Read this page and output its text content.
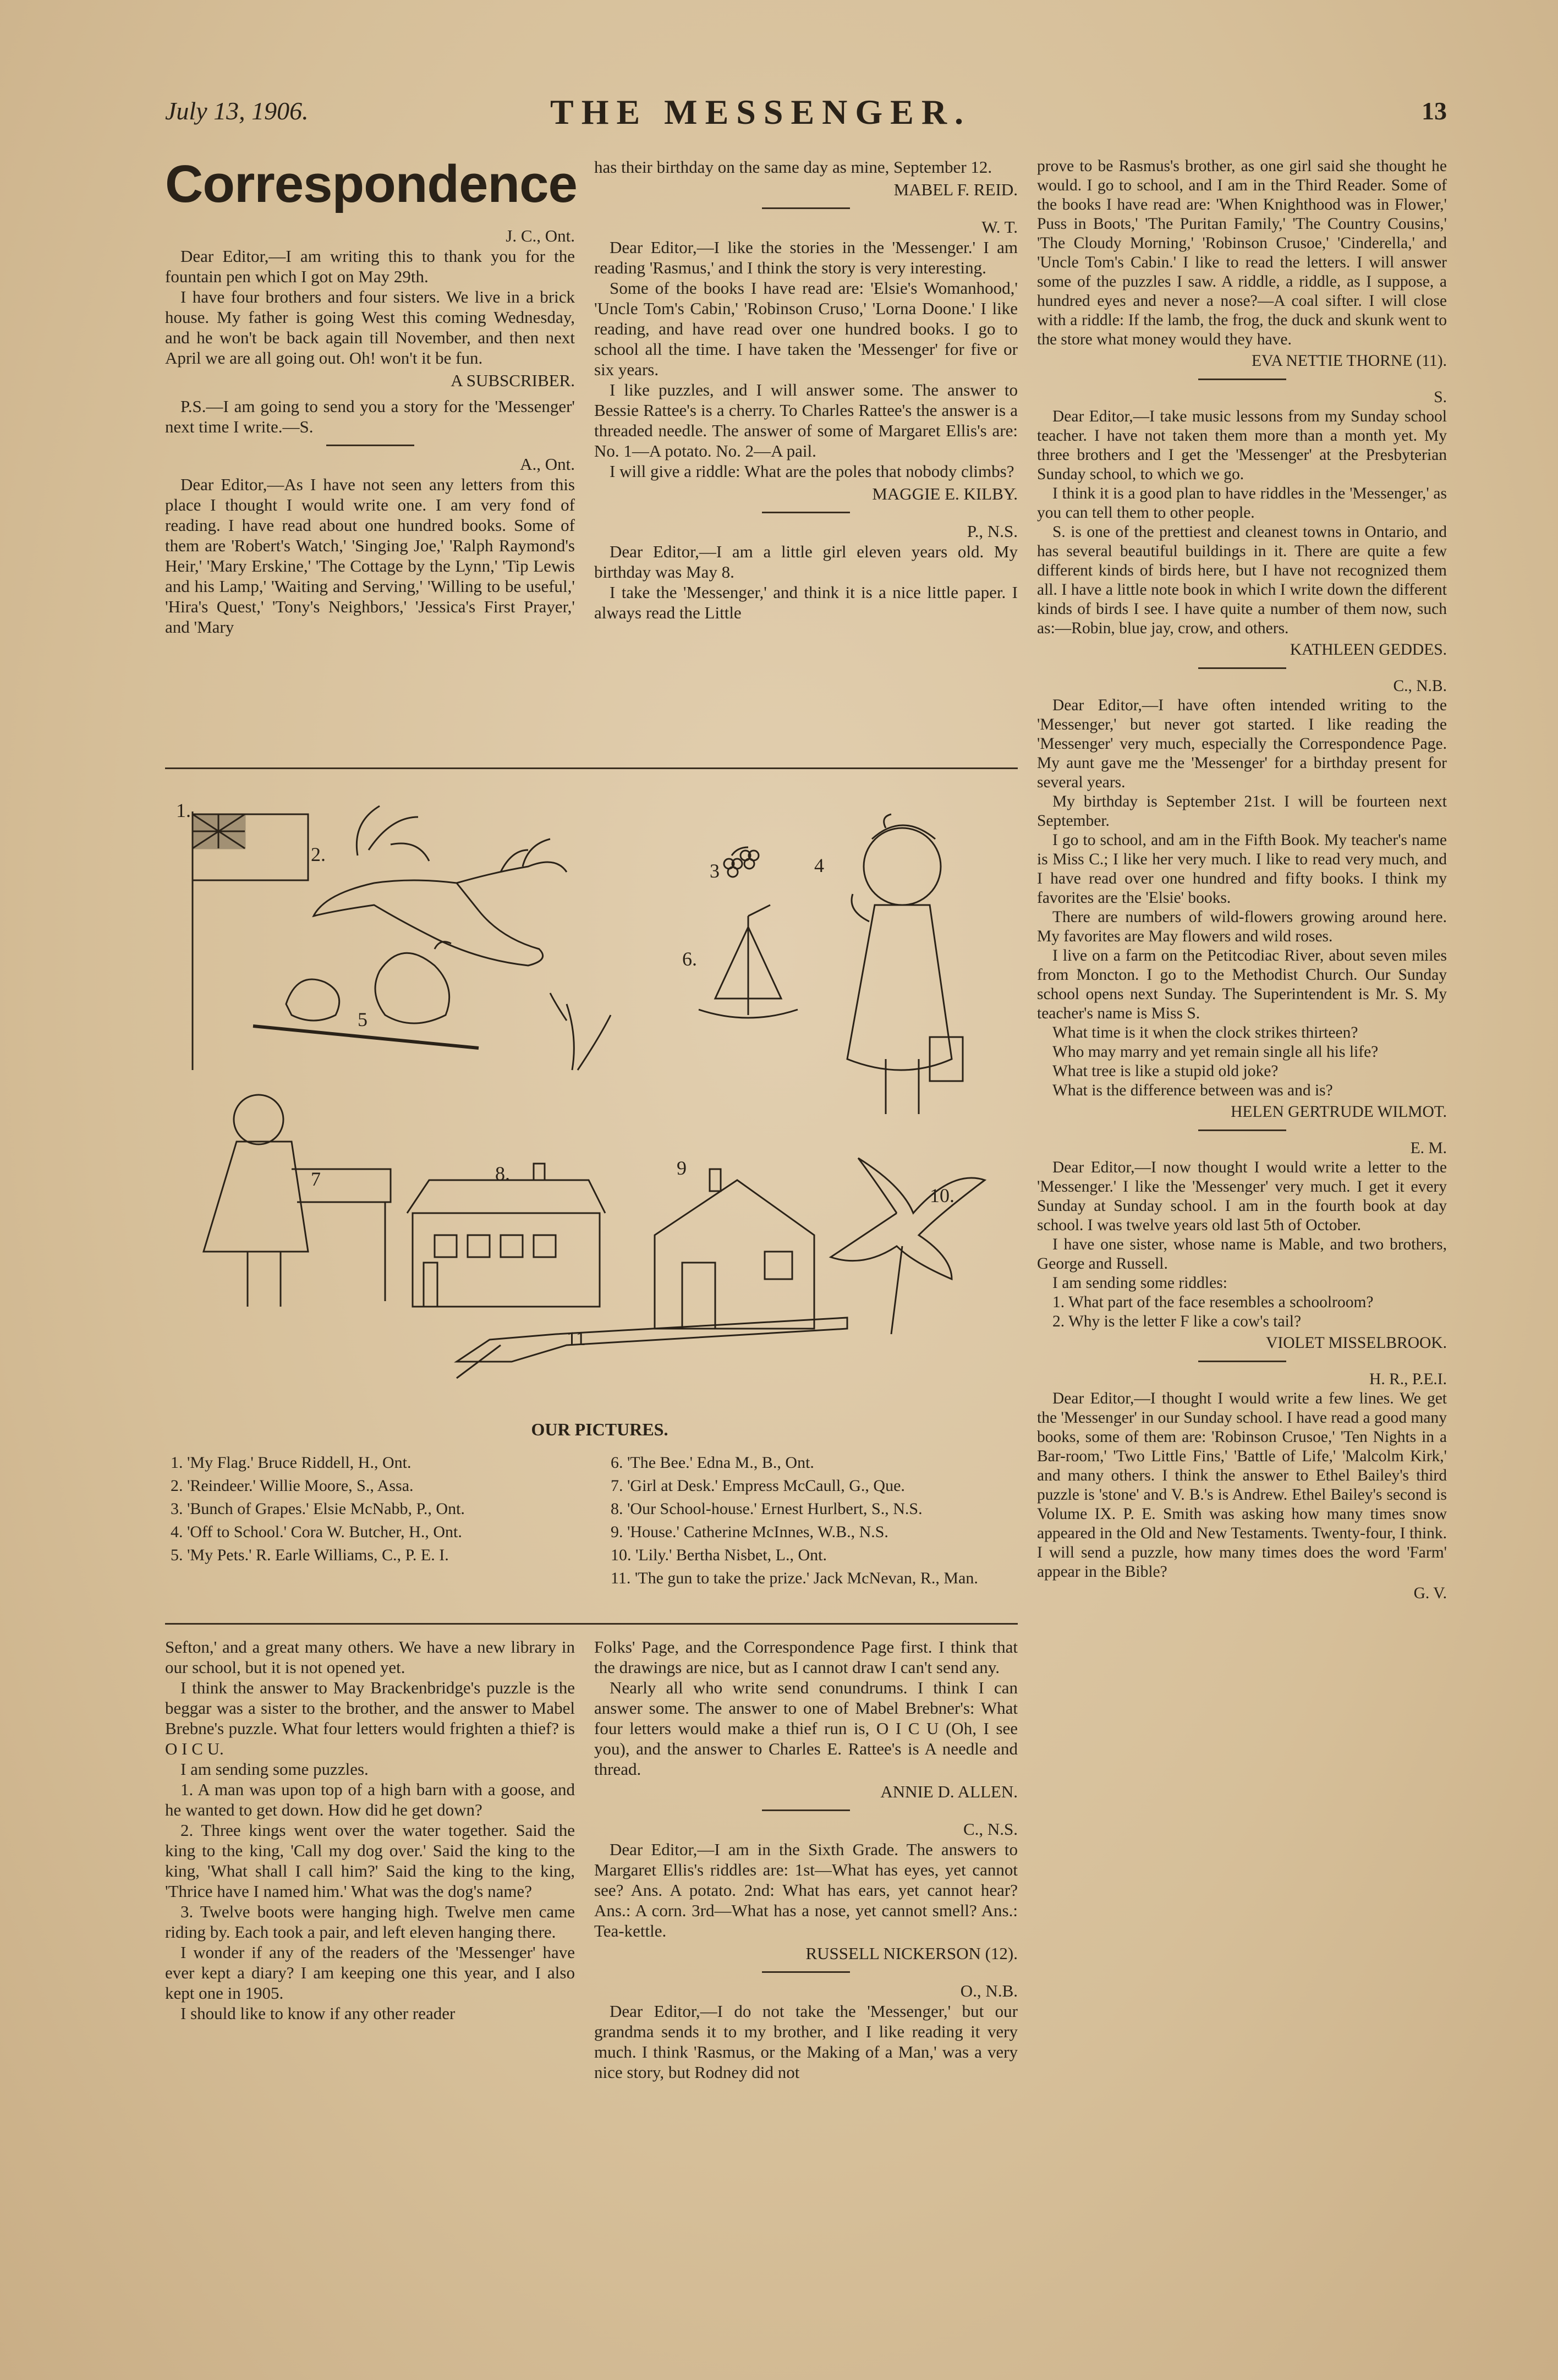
July 13, 1906.	THE MESSENGER.	13
Correspondence

J. C., Ont.

Dear Editor,—I am writing this to thank you for the fountain pen which I got on May 29th.

I have four brothers and four sisters. We live in a brick house. My father is going West this coming Wednesday, and he won't be back again till November, and then next April we are all going out. Oh! won't it be fun.

A SUBSCRIBER.

P.S.—I am going to send you a story for the 'Messenger' next time I write.—S.

A., Ont.

Dear Editor,—As I have not seen any letters from this place I thought I would write one. I am very fond of reading. I have read about one hundred books. Some of them are 'Robert's Watch,' 'Singing Joe,' 'Ralph Raymond's Heir,' 'Mary Erskine,' 'The Cottage by the Lynn,' 'Tip Lewis and his Lamp,' 'Waiting and Serving,' 'Willing to be useful,' 'Hira's Quest,' 'Tony's Neighbors,' 'Jessica's First Prayer,' and 'Mary

has their birthday on the same day as mine, September 12.

MABEL F. REID.

W. T.

Dear Editor,—I like the stories in the 'Messenger.' I am reading 'Rasmus,' and I think the story is very interesting.

Some of the books I have read are: 'Elsie's Womanhood,' 'Uncle Tom's Cabin,' 'Robinson Cruso,' 'Lorna Doone.' I like reading, and have read over one hundred books. I go to school all the time. I have taken the 'Messenger' for five or six years.

I like puzzles, and I will answer some. The answer to Bessie Rattee's is a cherry. To Charles Rattee's the answer is a threaded needle. The answer of some of Margaret Ellis's are: No. 1—A potato. No. 2—A pail.

I will give a riddle: What are the poles that nobody climbs?

MAGGIE E. KILBY.

P., N.S.

Dear Editor,—I am a little girl eleven years old. My birthday was May 8.

I take the 'Messenger,' and think it is a nice little paper. I always read the Little

prove to be Rasmus's brother, as one girl said she thought he would. I go to school, and I am in the Third Reader. Some of the books I have read are: 'When Knighthood was in Flower,' Puss in Boots,' 'The Puritan Family,' 'The Country Cousins,' 'The Cloudy Morning,' 'Robinson Crusoe,' 'Cinderella,' and 'Uncle Tom's Cabin.' I like to read the letters. I will answer some of the puzzles I saw. A riddle, a riddle, as I suppose, a hundred eyes and never a nose?—A coal sifter. I will close with a riddle: If the lamb, the frog, the duck and skunk went to the store what money would they have.

EVA NETTIE THORNE (11).

S.

Dear Editor,—I take music lessons from my Sunday school teacher. I have not taken them more than a month yet. My three brothers and I get the 'Messenger' at the Presbyterian Sunday school, to which we go.

I think it is a good plan to have riddles in the 'Messenger,' as you can tell them to other people.

S. is one of the prettiest and cleanest towns in Ontario, and has several beautiful buildings in it. There are quite a few different kinds of birds here, but I have not recognized them all. I have a little note book in which I write down the different kinds of birds I see. I have quite a number of them now, such as:—Robin, blue jay, crow, and others.

KATHLEEN GEDDES.

C., N.B.

Dear Editor,—I have often intended writing to the 'Messenger,' but never got started. I like reading the 'Messenger' very much, especially the Correspondence Page. My aunt gave me the 'Messenger' for a birthday present for several years.

My birthday is September 21st. I will be fourteen next September.

I go to school, and am in the Fifth Book. My teacher's name is Miss C.; I like her very much. I like to read very much, and I have read over one hundred and fifty books. I think my favorites are the 'Elsie' books.

There are numbers of wild-flowers growing around here. My favorites are May flowers and wild roses.

I live on a farm on the Petitcodiac River, about seven miles from Moncton. I go to the Methodist Church. Our Sunday school opens next Sunday. The Superintendent is Mr. S. My teacher's name is Miss S.

What time is it when the clock strikes thirteen?

Who may marry and yet remain single all his life?

What tree is like a stupid old joke?

What is the difference between was and is?

HELEN GERTRUDE WILMOT.

E. M.

Dear Editor,—I now thought I would write a letter to the 'Messenger.' I like the 'Messenger' very much. I get it every Sunday at Sunday school. I am in the fourth book at day school. I was twelve years old last 5th of October.

I have one sister, whose name is Mable, and two brothers, George and Russell.

I am sending some riddles:

1. What part of the face resembles a schoolroom?

2. Why is the letter F like a cow's tail?

VIOLET MISSELBROOK.

H. R., P.E.I.

Dear Editor,—I thought I would write a few lines. We get the 'Messenger' in our Sunday school. I have read a good many books, some of them are: 'Robinson Crusoe,' 'Ten Nights in a Bar-room,' 'Two Little Fins,' 'Battle of Life,' 'Malcolm Kirk,' and many others. I think the answer to Ethel Bailey's third puzzle is 'stone' and V. B.'s is Andrew. Ethel Bailey's second is Volume IX. P. E. Smith was asking how many times snow appeared in the Old and New Testaments. Twenty-four, I think. I will send a puzzle, how many times does the word 'Farm' appear in the Bible?

G. V.

1.
2.
3	4
5
6.
7	8.	9
10.
11
OUR PICTURES.
1. 'My Flag.' Bruce Riddell, H., Ont.
2. 'Reindeer.' Willie Moore, S., Assa.
3. 'Bunch of Grapes.' Elsie McNabb, P., Ont.
4. 'Off to School.' Cora W. Butcher, H., Ont.
5. 'My Pets.' R. Earle Williams, C., P. E. I.
6. 'The Bee.' Edna M., B., Ont.
7. 'Girl at Desk.' Empress McCaull, G., Que.
8. 'Our School-house.' Ernest Hurlbert, S., N.S.
9. 'House.' Catherine McInnes, W.B., N.S.
10. 'Lily.' Bertha Nisbet, L., Ont.
11. 'The gun to take the prize.' Jack McNevan, R., Man.

Sefton,' and a great many others. We have a new library in our school, but it is not opened yet.

I think the answer to May Brackenbridge's puzzle is the beggar was a sister to the brother, and the answer to Mabel Brebne's puzzle. What four letters would frighten a thief? is O I C U.

I am sending some puzzles.

1. A man was upon top of a high barn with a goose, and he wanted to get down. How did he get down?

2. Three kings went over the water together. Said the king to the king, 'Call my dog over.' Said the king to the king, 'What shall I call him?' Said the king to the king, 'Thrice have I named him.' What was the dog's name?

3. Twelve boots were hanging high. Twelve men came riding by. Each took a pair, and left eleven hanging there.

I wonder if any of the readers of the 'Messenger' have ever kept a diary? I am keeping one this year, and I also kept one in 1905.

I should like to know if any other reader

Folks' Page, and the Correspondence Page first. I think that the drawings are nice, but as I cannot draw I can't send any.

Nearly all who write send conundrums. I think I can answer some. The answer to one of Mabel Brebner's: What four letters would make a thief run is, O I C U (Oh, I see you), and the answer to Charles E. Rattee's is A needle and thread.

ANNIE D. ALLEN.

C., N.S.

Dear Editor,—I am in the Sixth Grade. The answers to Margaret Ellis's riddles are: 1st—What has eyes, yet cannot see? Ans. A potato. 2nd: What has ears, yet cannot hear? Ans.: A corn. 3rd—What has a nose, yet cannot smell? Ans.: Tea-kettle.

RUSSELL NICKERSON (12).

O., N.B.

Dear Editor,—I do not take the 'Messenger,' but our grandma sends it to my brother, and I like reading it very much. I think 'Rasmus, or the Making of a Man,' was a very nice story, but Rodney did not
